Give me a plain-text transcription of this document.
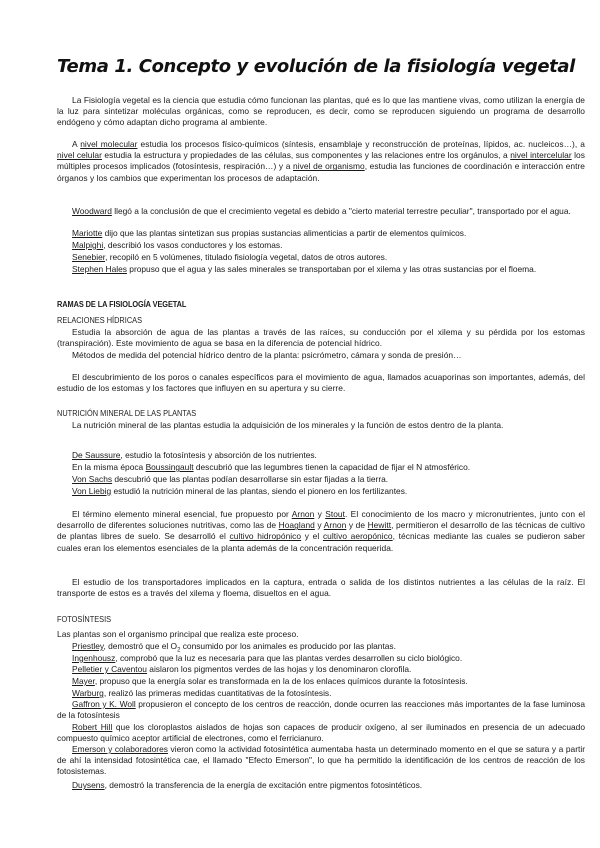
Tema 1. Concepto y evolución de la fisiología vegetal
La Fisiología vegetal es la ciencia que estudia cómo funcionan las plantas, qué es lo que las mantiene vivas, como utilizan la energía de la luz para sintetizar moléculas orgánicas, como se reproducen, es decir, como se reproducen siguiendo un programa de desarrollo endógeno y cómo adaptan dicho programa al ambiente.
A nivel molecular estudia los procesos físico-químicos (síntesis, ensamblaje y reconstrucción de proteínas, lípidos, ac. nucleicos…), a nivel celular estudia la estructura y propiedades de las células, sus componentes y las relaciones entre los orgánulos, a nivel intercelular los múltiples procesos implicados (fotosíntesis, respiración…) y a nivel de organismo, estudia las funciones de coordinación e interacción entre órganos y los cambios que experimentan los procesos de adaptación.
Woodward llegó a la conclusión de que el crecimiento vegetal es debido a "cierto material terrestre peculiar", transportado por el agua.
Mariotte dijo que las plantas sintetizan sus propias sustancias alimenticias a partir de elementos químicos.
Malpighi, describió los vasos conductores y los estomas.
Senebier, recopiló en 5 volúmenes, titulado fisiología vegetal, datos de otros autores.
Stephen Hales propuso que el agua y las sales minerales se transportaban por el xilema y las otras sustancias por el floema.
RAMAS DE LA FISIOLOGÍA VEGETAL
RELACIONES HÍDRICAS
Estudia la absorción de agua de las plantas a través de las raíces, su conducción por el xilema y su pérdida por los estomas (transpiración). Este movimiento de agua se basa en la diferencia de potencial hídrico.
Métodos de medida del potencial hídrico dentro de la planta: psicrómetro, cámara y sonda de presión…
El descubrimiento de los poros o canales específicos para el movimiento de agua, llamados acuaporinas son importantes, además, del estudio de los estomas y los factores que influyen en su apertura y su cierre.
NUTRICIÓN MINERAL DE LAS PLANTAS
La nutrición mineral de las plantas estudia la adquisición de los minerales y la función de estos dentro de la planta.
De Saussure, estudio la fotosíntesis y absorción de los nutrientes.
En la misma época Boussingault descubrió que las legumbres tienen la capacidad de fijar el N atmosférico.
Von Sachs descubrió que las plantas podían desarrollarse sin estar fijadas a la tierra.
Von Liebig estudió la nutrición mineral de las plantas, siendo el pionero en los fertilizantes.
El término elemento mineral esencial, fue propuesto por Arnon y Stout. El conocimiento de los macro y micronutrientes, junto con el desarrollo de diferentes soluciones nutritivas, como las de Hoagland y Arnon y de Hewitt, permitieron el desarrollo de las técnicas de cultivo de plantas libres de suelo. Se desarrolló el cultivo hidropónico y el cultivo aeropónico, técnicas mediante las cuales se pudieron saber cuales eran los elementos esenciales de la planta además de la concentración requerida.
El estudio de los transportadores implicados en la captura, entrada o salida de los distintos nutrientes a las células de la raíz. El transporte de estos es a través del xilema y floema, disueltos en el agua.
FOTOSÍNTESIS
Las plantas son el organismo principal que realiza este proceso.
Priestley, demostró que el $O_2$ consumido por los animales es producido por las plantas.
Ingenhousz, comprobó que la luz es necesaria para que las plantas verdes desarrollen su ciclo biológico.
Pelletier y Caventou aislaron los pigmentos verdes de las hojas y los denominaron clorofila.
Mayer, propuso que la energía solar es transformada en la de los enlaces químicos durante la fotosíntesis.
Warburg, realizó las primeras medidas cuantitativas de la fotosíntesis.
Gaffron y K. Woll propusieron el concepto de los centros de reacción, donde ocurren las reacciones más importantes de la fase luminosa de la fotosíntesis
Robert Hill que los cloroplastos aislados de hojas son capaces de producir oxígeno, al ser iluminados en presencia de un adecuado compuesto químico aceptor artificial de electrones, como el ferricianuro.
Emerson y colaboradores vieron como la actividad fotosintética aumentaba hasta un determinado momento en el que se satura y a partir de ahí la intensidad fotosintética cae, el llamado "Efecto Emerson", lo que ha permitido la identificación de los centros de reacción de los fotosistemas.
Duysens, demostró la transferencia de la energía de excitación entre pigmentos fotosintéticos.
